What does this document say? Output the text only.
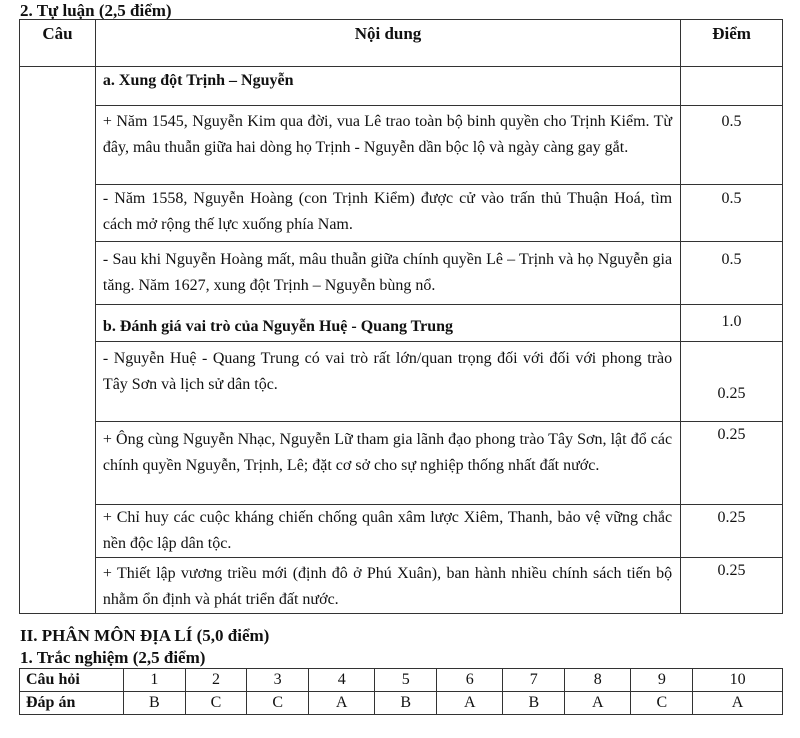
2. Tự luận (2,5 điểm)
Câu	Nội dung	Điểm
	a. Xung đột Trịnh – Nguyễn	

	+ Năm 1545, Nguyễn Kim qua đời, vua Lê trao toàn bộ binh quyền cho Trịnh Kiểm. Từ đây, mâu thuẫn giữa hai dòng họ Trịnh - Nguyễn dần bộc lộ và ngày càng gay gắt.	0.5

	- Năm 1558, Nguyễn Hoàng (con Trịnh Kiểm) được cử vào trấn thủ Thuận Hoá, tìm cách mở rộng thế lực xuống phía Nam.	0.5

	- Sau khi Nguyễn Hoàng mất, mâu thuẫn giữa chính quyền Lê – Trịnh và họ Nguyễn gia tăng. Năm 1627, xung đột Trịnh – Nguyễn bùng nổ.	0.5

	b. Đánh giá vai trò của Nguyễn Huệ - Quang Trung	1.0

	- Nguyễn Huệ - Quang Trung có vai trò rất lớn/quan trọng đối với đối với phong trào Tây Sơn và lịch sử dân tộc.	0.25

	+ Ông cùng Nguyễn Nhạc, Nguyễn Lữ tham gia lãnh đạo phong trào Tây Sơn, lật đổ các chính quyền Nguyễn, Trịnh, Lê; đặt cơ sở cho sự nghiệp thống nhất đất nước.	0.25

	+ Chỉ huy các cuộc kháng chiến chống quân xâm lược Xiêm, Thanh, bảo vệ vững chắc nền độc lập dân tộc.	0.25

	+ Thiết lập vương triều mới (định đô ở Phú Xuân), ban hành nhiều chính sách tiến bộ nhằm ổn định và phát triển đất nước.	0.25
II. PHÂN MÔN ĐỊA LÍ (5,0 điểm)
1. Trắc nghiệm (2,5 điểm)
Câu hỏi	1	2	3	4	5	6	7	8	9	10
Đáp án	B	C	C	A	B	A	B	A	C	A
